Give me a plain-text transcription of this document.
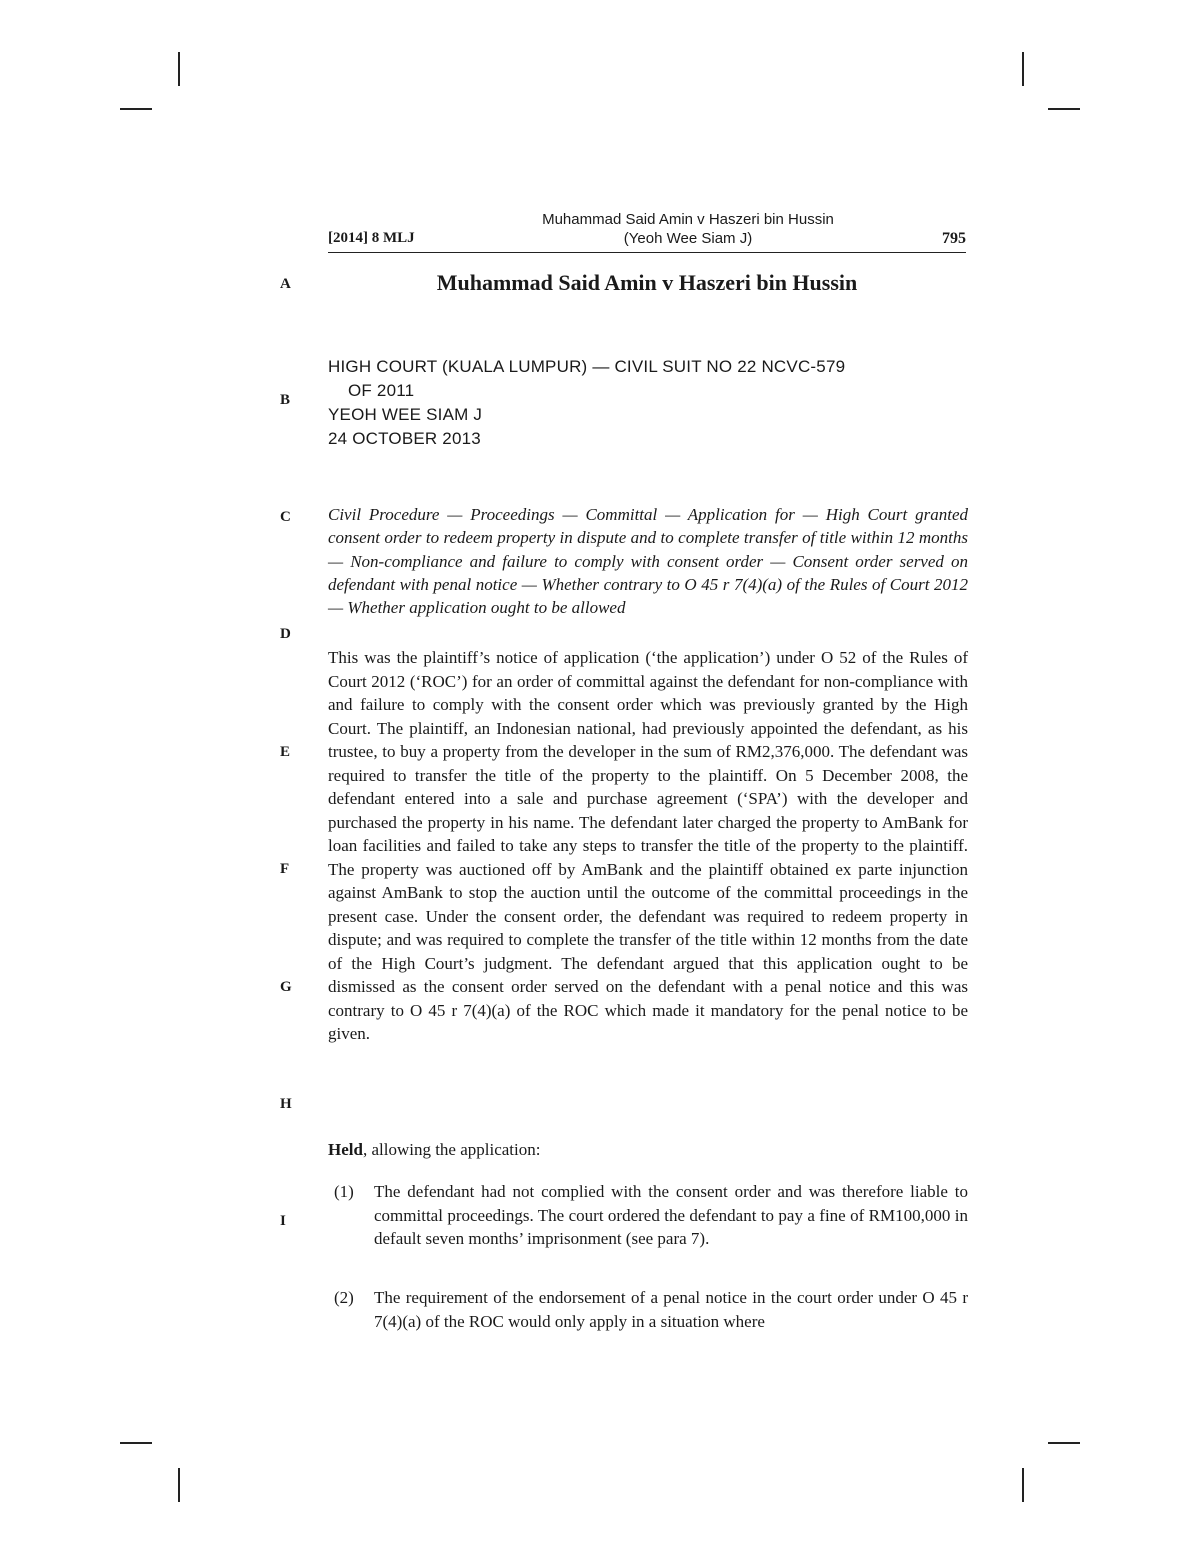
[2014] 8 MLJ
Muhammad Said Amin v Haszeri bin Hussin
(Yeoh Wee Siam J)	795
A
B
C
D
E
F
G
H
I
Muhammad Said Amin v Haszeri bin Hussin
HIGH COURT (KUALA LUMPUR) — CIVIL SUIT NO 22 NCVC-579
OF 2011
YEOH WEE SIAM J
24 OCTOBER 2013
Civil Procedure — Proceedings — Committal — Application for — High Court granted consent order to redeem property in dispute and to complete transfer of title within 12 months — Non-compliance and failure to comply with consent order — Consent order served on defendant with penal notice — Whether contrary to O 45 r 7(4)(a) of the Rules of Court 2012 — Whether application ought to be allowed
This was the plaintiff’s notice of application (‘the application’) under O 52 of the Rules of Court 2012 (‘ROC’) for an order of committal against the defendant for non-compliance with and failure to comply with the consent order which was previously granted by the High Court. The plaintiff, an Indonesian national, had previously appointed the defendant, as his trustee, to buy a property from the developer in the sum of RM2,376,000. The defendant was required to transfer the title of the property to the plaintiff. On 5 December 2008, the defendant entered into a sale and purchase agreement (‘SPA’) with the developer and purchased the property in his name. The defendant later charged the property to AmBank for loan facilities and failed to take any steps to transfer the title of the property to the plaintiff. The property was auctioned off by AmBank and the plaintiff obtained ex parte injunction against AmBank to stop the auction until the outcome of the committal proceedings in the present case. Under the consent order, the defendant was required to redeem property in dispute; and was required to complete the transfer of the title within 12 months from the date of the High Court’s judgment. The defendant argued that this application ought to be dismissed as the consent order served on the defendant with a penal notice and this was contrary to O 45 r 7(4)(a) of the ROC which made it mandatory for the penal notice to be given.
Held, allowing the application:
(1) The defendant had not complied with the consent order and was therefore liable to committal proceedings. The court ordered the defendant to pay a fine of RM100,000 in default seven months’ imprisonment (see para 7).
(2) The requirement of the endorsement of a penal notice in the court order under O 45 r 7(4)(a) of the ROC would only apply in a situation where
